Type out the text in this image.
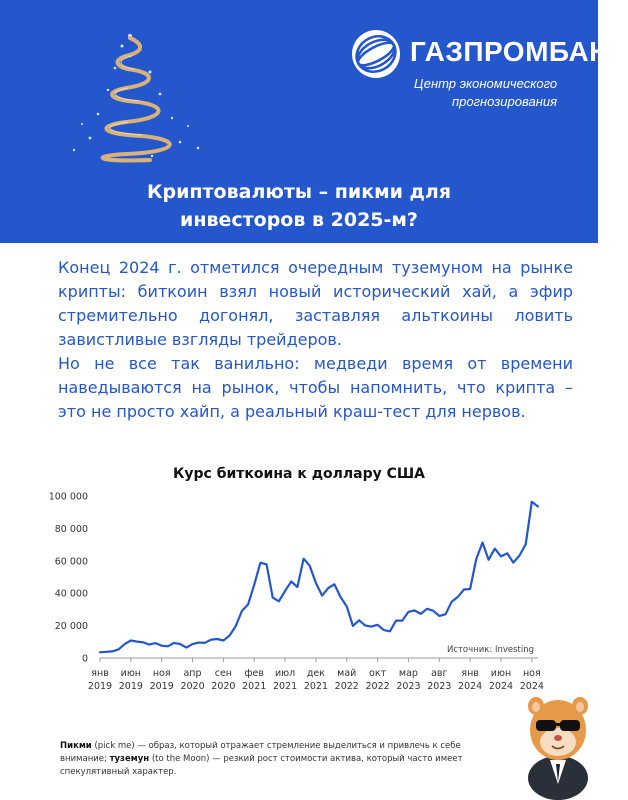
ГАЗПРОМБАНК
Центр экономического
прогнозирования
Криптовалюты – пикми для
инвесторов в 2025-м?

Конец 2024 г. отметился очередным туземуном на рынке крипты: биткоин взял новый исторический хай, а эфир стремительно догонял, заставляя альткоины ловить завистливые взгляды трейдеров.

Но не все так ванильно: медведи время от времени наведываются на рынок, чтобы напомнить, что крипта – это не просто хайп, а реальный краш-тест для нервов.

Курс биткоина к доллару США
0
20 000
40 000
60 000
80 000
100 000
янв
2019
июн
2019
ноя
2019
апр
2020
сен
2020
фев
2021
июл
2021
дек
2021
май
2022
окт
2022
мар
2023
авг
2023
янв
2024
июн
2024
ноя
2024
Источник: Investing
Пикми (pick me) — образ, который отражает стремление выделиться и привлечь к себе внимание; туземун (to the Moon) — резкий рост стоимости актива, который часто имеет спекулятивный характер.
